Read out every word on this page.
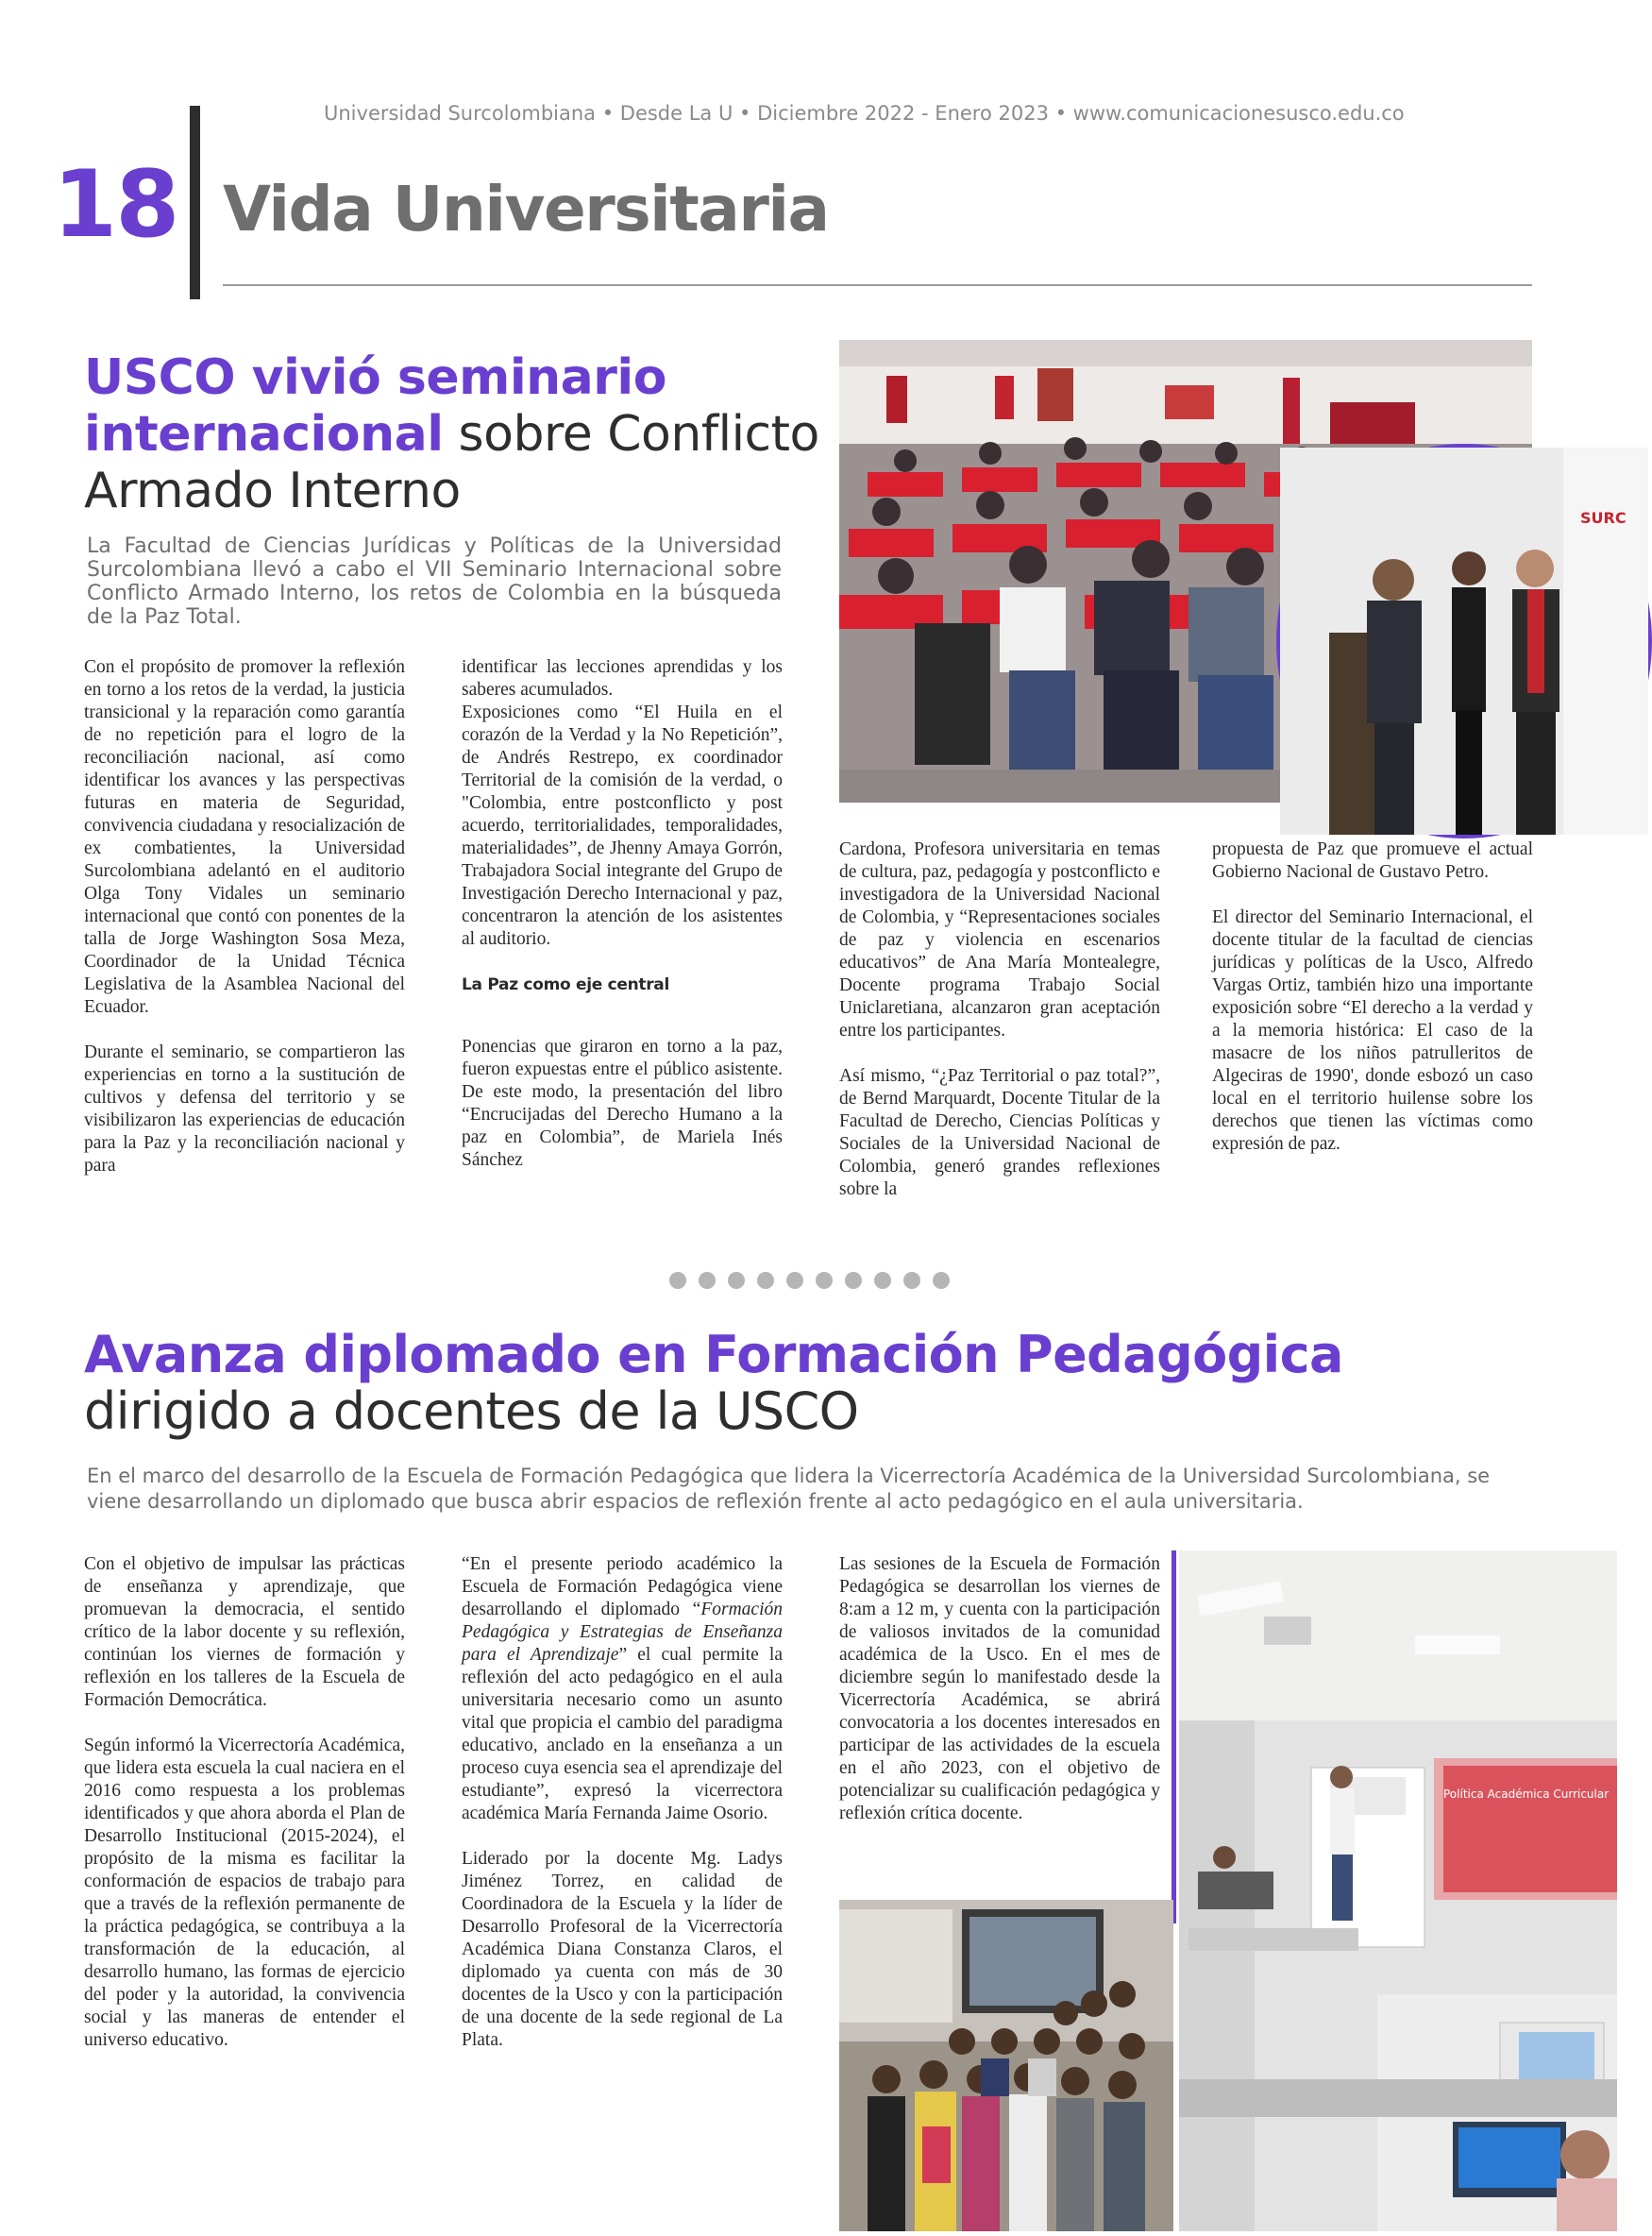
Universidad Surcolombiana • Desde La U • Diciembre 2022 - Enero 2023 • www.comunicacionesusco.edu.co
18 Vida Universitaria
USCO vivió seminario internacional sobre Conflicto Armado Interno
La Facultad de Ciencias Jurídicas y Políticas de la Universidad Surcolombiana llevó a cabo el VII Seminario Internacional sobre Conflicto Armado Interno, los retos de Colombia en la búsqueda de la Paz Total.

Con el propósito de promover la reflexión en torno a los retos de la verdad, la justicia transicional y la reparación como garantía de no repetición para el logro de la reconciliación nacional, así como identificar los avances y las perspectivas futuras en materia de Seguridad, convivencia ciudadana y resocialización de ex combatientes, la Universidad Surcolombiana adelantó en el auditorio Olga Tony Vidales un seminario internacional que contó con ponentes de la talla de Jorge Washington Sosa Meza, Coordinador de la Unidad Técnica Legislativa de la Asamblea Nacional del Ecuador.

Durante el seminario, se compartieron las experiencias en torno a la sustitución de cultivos y defensa del territorio y se visibilizaron las experiencias de educación para la Paz y la reconciliación nacional y para

identificar las lecciones aprendidas y los saberes acumulados.

Exposiciones como “El Huila en el corazón de la Verdad y la No Repetición”, de Andrés Restrepo, ex coordinador Territorial de la comisión de la verdad, o "Colombia, entre postconflicto y post acuerdo, territorialidades, temporalidades, materialidades”, de Jhenny Amaya Gorrón, Trabajadora Social integrante del Grupo de Investigación Derecho Internacional y paz, concentraron la atención de los asistentes al auditorio.

La Paz como eje central

Ponencias que giraron en torno a la paz, fueron expuestas entre el público asistente. De este modo, la presentación del libro “Encrucijadas del Derecho Humano a la paz en Colombia”, de Mariela Inés Sánchez

Cardona, Profesora universitaria en temas de cultura, paz, pedagogía y postconflicto e investigadora de la Universidad Nacional de Colombia, y “Representaciones sociales de paz y violencia en escenarios educativos” de Ana María Montealegre, Docente programa Trabajo Social Uniclaretiana, alcanzaron gran aceptación entre los participantes.

Así mismo, “¿Paz Territorial o paz total?”, de Bernd Marquardt, Docente Titular de la Facultad de Derecho, Ciencias Políticas y Sociales de la Universidad Nacional de Colombia, generó grandes reflexiones sobre la

propuesta de Paz que promueve el actual Gobierno Nacional de Gustavo Petro.

El director del Seminario Internacional, el docente titular de la facultad de ciencias jurídicas y políticas de la Usco, Alfredo Vargas Ortiz, también hizo una importante exposición sobre “El derecho a la verdad y a la memoria histórica: El caso de la masacre de los niños patrulleritos de Algeciras de 1990', donde esbozó un caso local en el territorio huilense sobre los derechos que tienen las víctimas como expresión de paz.

SURC
Avanza diplomado en Formación Pedagógica dirigido a docentes de la USCO
En el marco del desarrollo de la Escuela de Formación Pedagógica que lidera la Vicerrectoría Académica de la Universidad Surcolombiana, se viene desarrollando un diplomado que busca abrir espacios de reflexión frente al acto pedagógico en el aula universitaria.

Con el objetivo de impulsar las prácticas de enseñanza y aprendizaje, que promuevan la democracia, el sentido crítico de la labor docente y su reflexión, continúan los viernes de formación y reflexión en los talleres de la Escuela de Formación Democrática.

Según informó la Vicerrectoría Académica, que lidera esta escuela la cual naciera en el 2016 como respuesta a los problemas identificados y que ahora aborda el Plan de Desarrollo Institucional (2015-2024), el propósito de la misma es facilitar la conformación de espacios de trabajo para que a través de la reflexión permanente de la práctica pedagógica, se contribuya a la transformación de la educación, al desarrollo humano, las formas de ejercicio del poder y la autoridad, la convivencia social y las maneras de entender el universo educativo.

“En el presente periodo académico la Escuela de Formación Pedagógica viene desarrollando el diplomado “Formación Pedagógica y Estrategias de Enseñanza para el Aprendizaje” el cual permite la reflexión del acto pedagógico en el aula universitaria necesario como un asunto vital que propicia el cambio del paradigma educativo, anclado en la enseñanza a un proceso cuya esencia sea el aprendizaje del estudiante”, expresó la vicerrectora académica María Fernanda Jaime Osorio.

Liderado por la docente Mg. Ladys Jiménez Torrez, en calidad de Coordinadora de la Escuela y la líder de Desarrollo Profesoral de la Vicerrectoría Académica Diana Constanza Claros, el diplomado ya cuenta con más de 30 docentes de la Usco y con la participación de una docente de la sede regional de La Plata.

Las sesiones de la Escuela de Formación Pedagógica se desarrollan los viernes de 8:am a 12 m, y cuenta con la participación de valiosos invitados de la comunidad académica de la Usco. En el mes de diciembre según lo manifestado desde la Vicerrectoría Académica, se abrirá convocatoria a los docentes interesados en participar de las actividades de la escuela en el año 2023, con el objetivo de potencializar su cualificación pedagógica y reflexión crítica docente.

Política Académica Curricular
